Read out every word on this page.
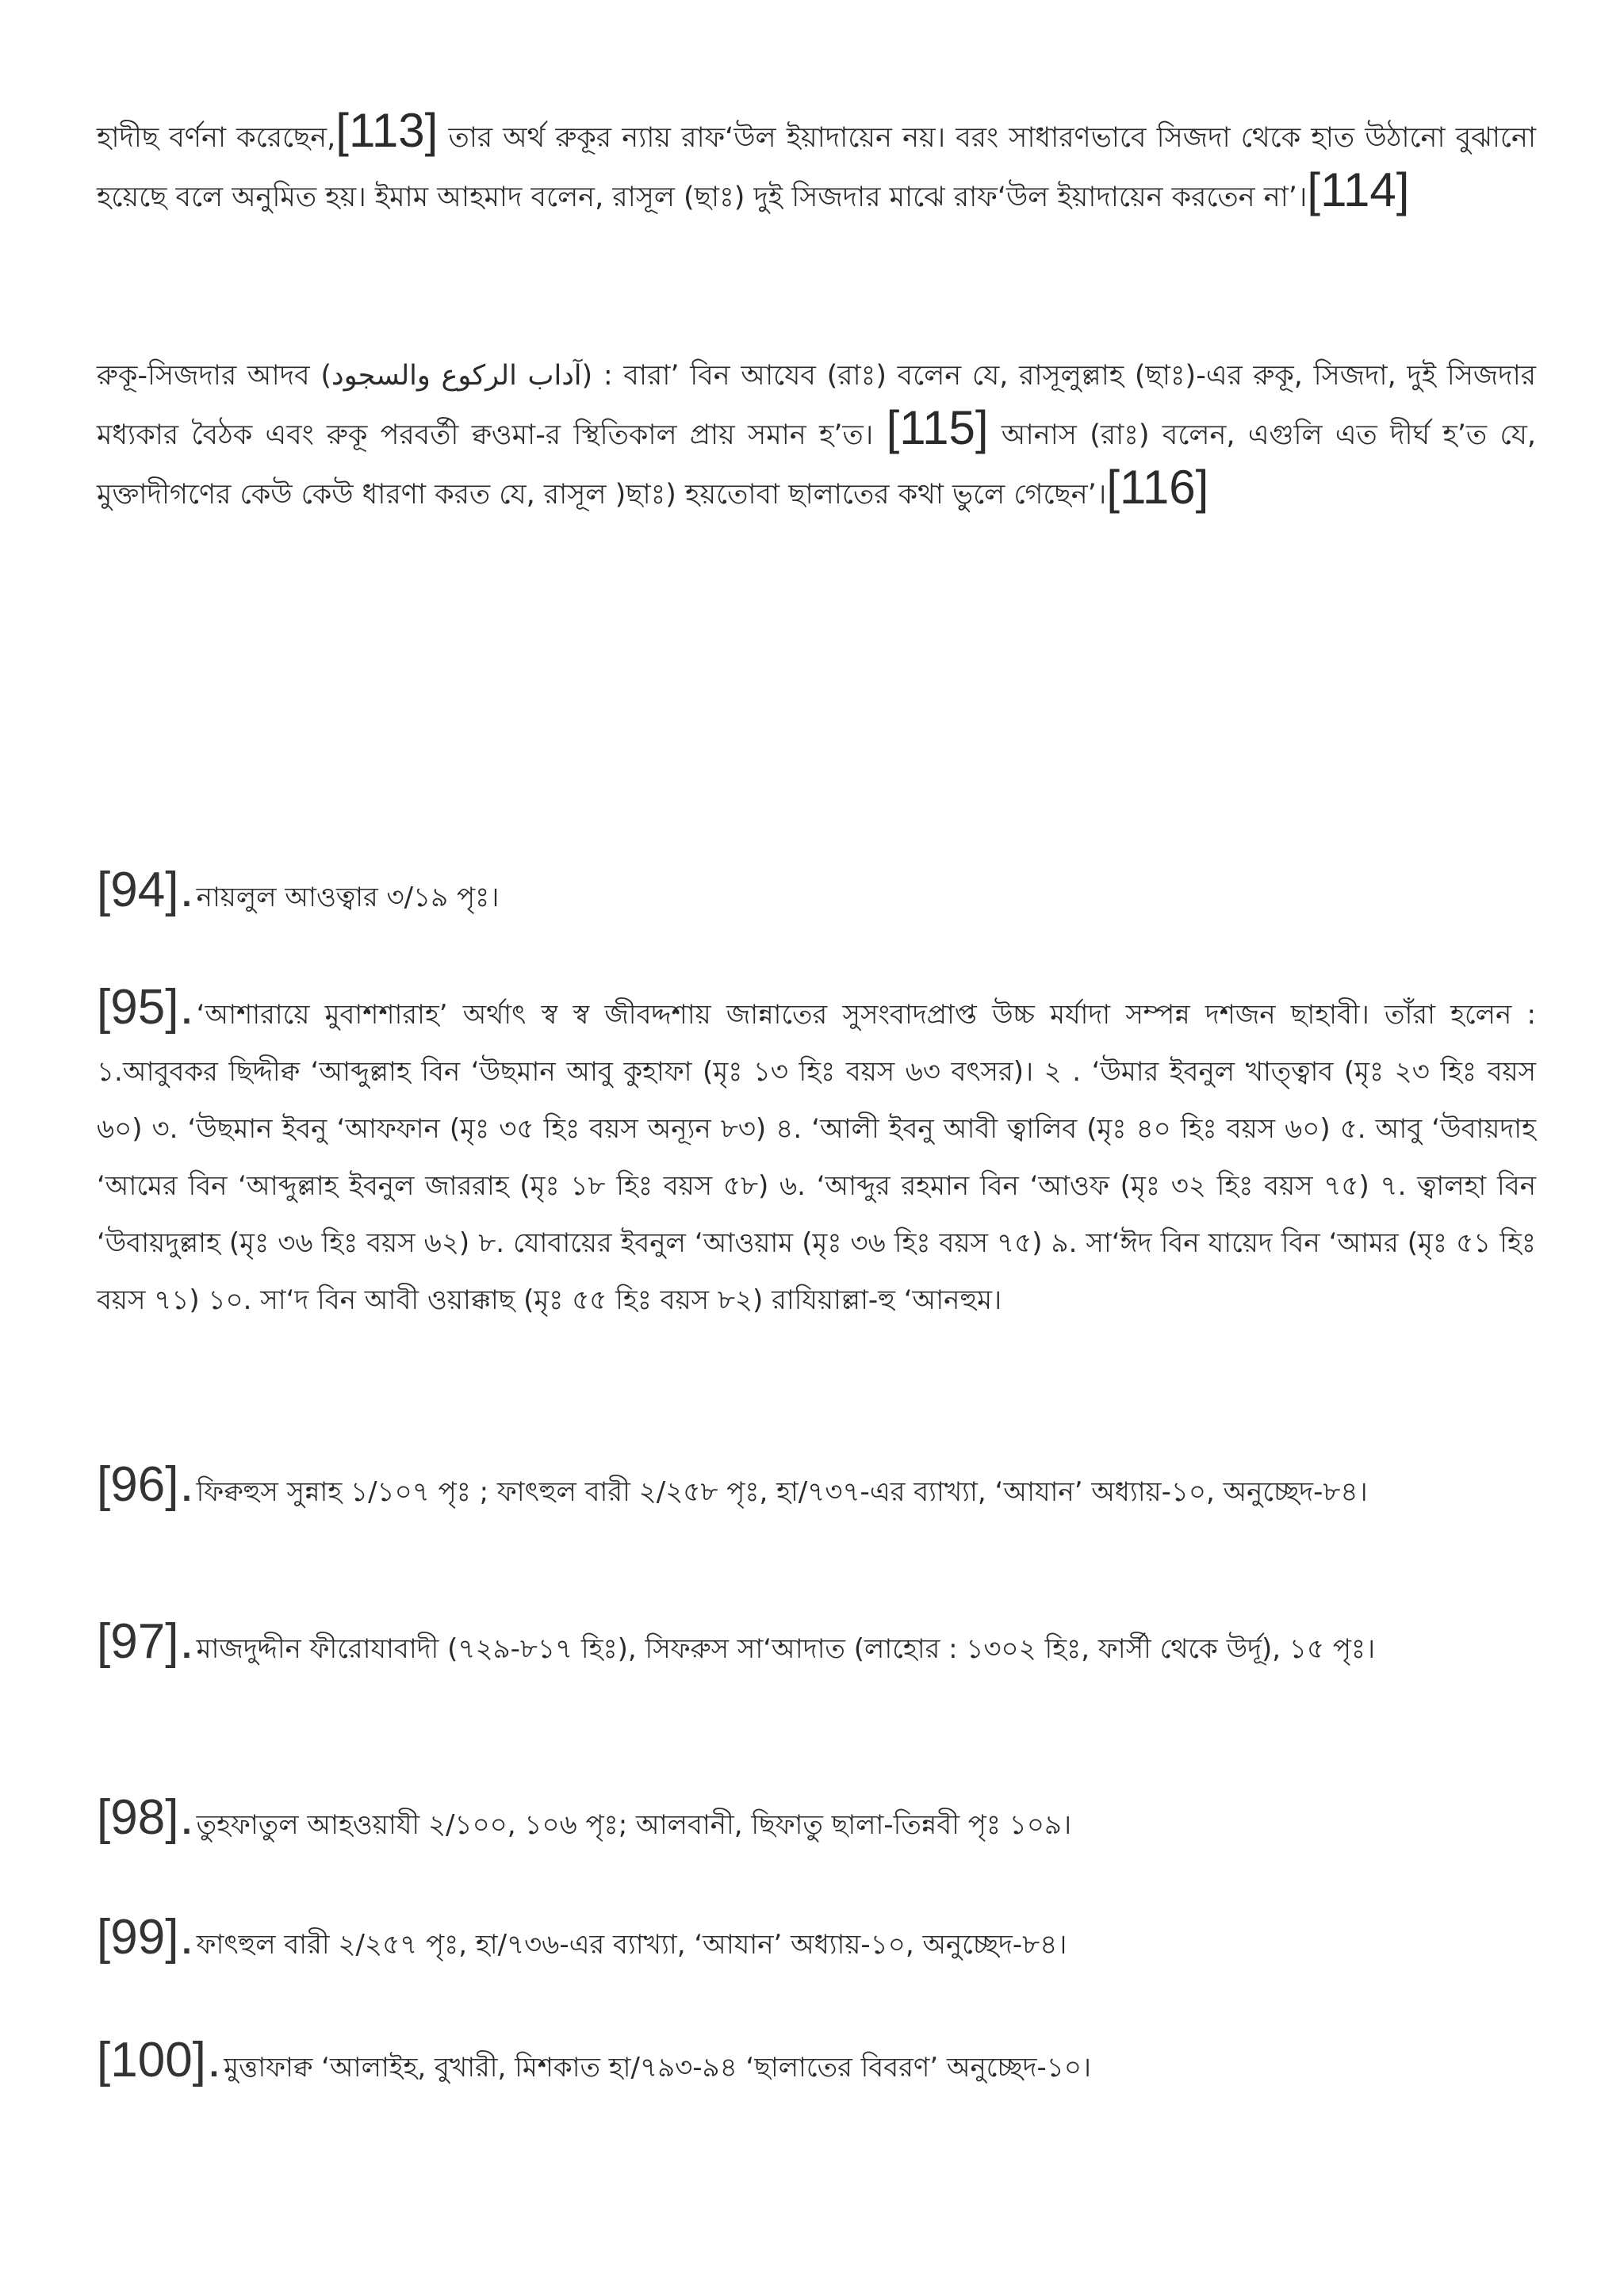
হাদীছ বর্ণনা করেছেন,[113] তার অর্থ রুকূর ন্যায় রাফ‘উল ইয়াদায়েন নয়। বরং সাধারণভাবে সিজদা থেকে হাত উঠানো বুঝানো হয়েছে বলে অনুমিত হয়। ইমাম আহমাদ বলেন, রাসূল (ছাঃ) দুই সিজদার মাঝে রাফ‘উল ইয়াদায়েন করতেন না’।[114]

রুকূ-সিজদার আদব (آداب الركوع والسجود) : বারা’ বিন আযেব (রাঃ) বলেন যে, রাসূলুল্লাহ (ছাঃ)-এর রুকূ, সিজদা, দুই সিজদার মধ্যকার বৈঠক এবং রুকূ পরবর্তী ক্বওমা-র স্থিতিকাল প্রায় সমান হ’ত। [115] আনাস (রাঃ) বলেন, এগুলি এত দীর্ঘ হ’ত যে, মুক্তাদীগণের কেউ কেউ ধারণা করত যে, রাসূল )ছাঃ) হয়তোবা ছালাতের কথা ভুলে গেছেন’।[116]

[94]. নায়লুল আওত্বার ৩/১৯ পৃঃ।

[95]. ‘আশারায়ে মুবাশশারাহ’ অর্থাৎ স্ব স্ব জীবদ্দশায় জান্নাতের সুসংবাদপ্রাপ্ত উচ্চ মর্যাদা সম্পন্ন দশজন ছাহাবী। তাঁরা হলেন : ১.আবুবকর ছিদ্দীক্ব ‘আব্দুল্লাহ বিন ‘উছমান আবু কুহাফা (মৃঃ ১৩ হিঃ বয়স ৬৩ বৎসর)। ২ . ‘উমার ইবনুল খাত্ত্বাব (মৃঃ ২৩ হিঃ বয়স ৬০) ৩. ‘উছমান ইবনু ‘আফফান (মৃঃ ৩৫ হিঃ বয়স অন্যূন ৮৩) ৪. ‘আলী ইবনু আবী ত্বালিব (মৃঃ ৪০ হিঃ বয়স ৬০) ৫. আবু ‘উবায়দাহ ‘আমের বিন ‘আব্দুল্লাহ ইবনুল জাররাহ (মৃঃ ১৮ হিঃ বয়স ৫৮) ৬. ‘আব্দুর রহমান বিন ‘আওফ (মৃঃ ৩২ হিঃ বয়স ৭৫) ৭. ত্বালহা বিন ‘উবায়দুল্লাহ (মৃঃ ৩৬ হিঃ বয়স ৬২) ৮. যোবায়ের ইবনুল ‘আওয়াম (মৃঃ ৩৬ হিঃ বয়স ৭৫) ৯. সা‘ঈদ বিন যায়েদ বিন ‘আমর (মৃঃ ৫১ হিঃ বয়স ৭১) ১০. সা‘দ বিন আবী ওয়াক্কাছ (মৃঃ ৫৫ হিঃ বয়স ৮২) রাযিয়াল্লা-হু ‘আনহুম।

[96]. ফিক্বহুস সুন্নাহ ১/১০৭ পৃঃ ; ফাৎহুল বারী ২/২৫৮ পৃঃ, হা/৭৩৭-এর ব্যাখ্যা, ‘আযান’ অধ্যায়-১০, অনুচ্ছেদ-৮৪।

[97]. মাজদুদ্দীন ফীরোযাবাদী (৭২৯-৮১৭ হিঃ), সিফরুস সা‘আদাত (লাহোর : ১৩০২ হিঃ, ফার্সী থেকে উর্দূ), ১৫ পৃঃ।

[98]. তুহফাতুল আহওয়াযী ২/১০০, ১০৬ পৃঃ; আলবানী, ছিফাতু ছালা-তিন্নবী পৃঃ ১০৯।

[99]. ফাৎহুল বারী ২/২৫৭ পৃঃ, হা/৭৩৬-এর ব্যাখ্যা, ‘আযান’ অধ্যায়-১০, অনুচ্ছেদ-৮৪।

[100]. মুত্তাফাক্ব ‘আলাইহ, বুখারী, মিশকাত হা/৭৯৩-৯৪ ‘ছালাতের বিবরণ’ অনুচ্ছেদ-১০।
